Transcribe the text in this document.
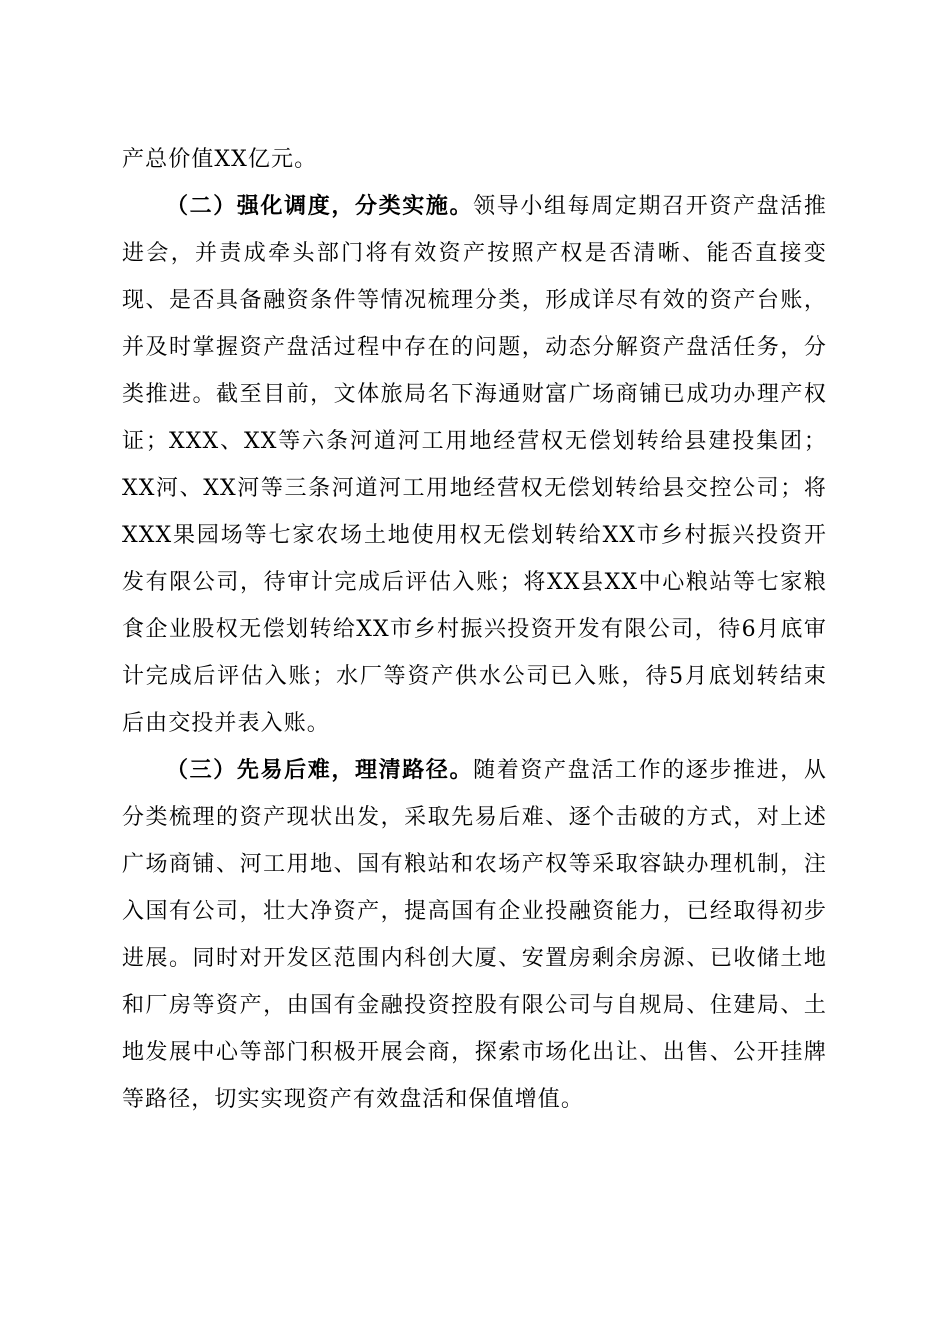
产总价值XX亿元。

（二）强化调度，分类实施。领导小组每周定期召开资产盘活推进会，并责成牵头部门将有效资产按照产权是否清晰、能否直接变现、是否具备融资条件等情况梳理分类，形成详尽有效的资产台账，并及时掌握资产盘活过程中存在的问题，动态分解资产盘活任务，分类推进。截至目前，文体旅局名下海通财富广场商铺已成功办理产权证；XXX、XX等六条河道河工用地经营权无偿划转给县建投集团；XX河、XX河等三条河道河工用地经营权无偿划转给县交控公司；将XXX果园场等七家农场土地使用权无偿划转给XX市乡村振兴投资开发有限公司，待审计完成后评估入账；将XX县XX中心粮站等七家粮食企业股权无偿划转给XX市乡村振兴投资开发有限公司，待6月底审计完成后评估入账；水厂等资产供水公司已入账，待5月底划转结束后由交投并表入账。

（三）先易后难，理清路径。随着资产盘活工作的逐步推进，从分类梳理的资产现状出发，采取先易后难、逐个击破的方式，对上述广场商铺、河工用地、国有粮站和农场产权等采取容缺办理机制，注入国有公司，壮大净资产，提高国有企业投融资能力，已经取得初步进展。同时对开发区范围内科创大厦、安置房剩余房源、已收储土地和厂房等资产，由国有金融投资控股有限公司与自规局、住建局、土地发展中心等部门积极开展会商，探索市场化出让、出售、公开挂牌等路径，切实实现资产有效盘活和保值增值。
